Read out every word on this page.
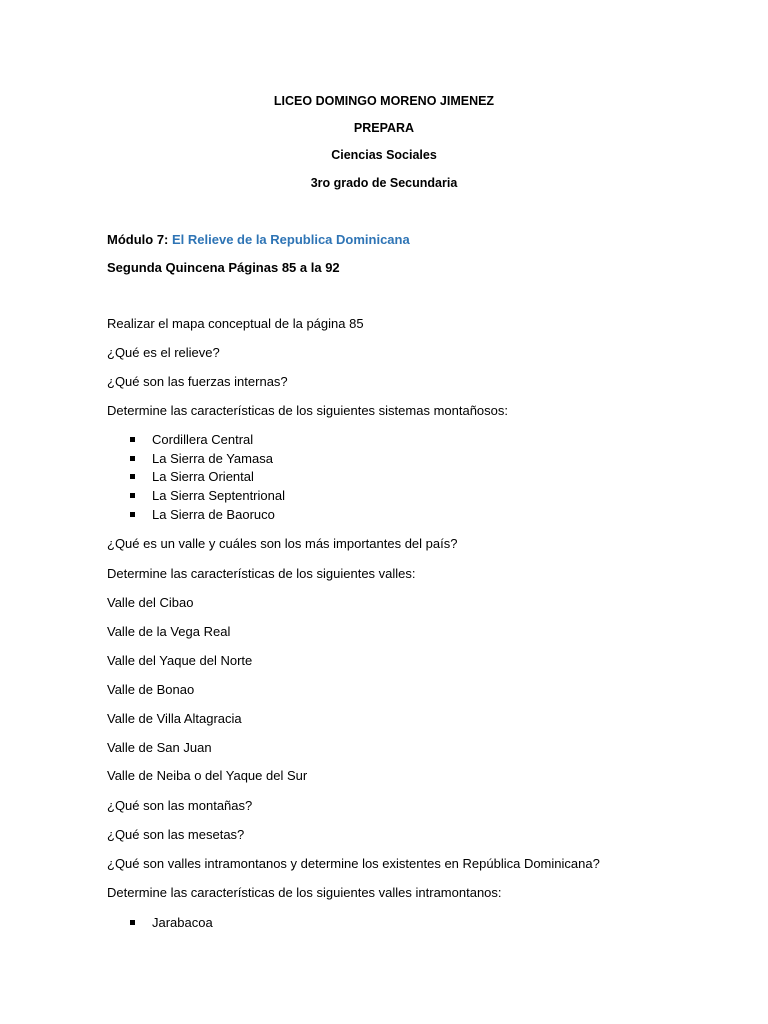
LICEO DOMINGO MORENO JIMENEZ
PREPARA
Ciencias Sociales
3ro grado de Secundaria
Módulo 7: El Relieve de la Republica Dominicana
Segunda Quincena Páginas 85 a la 92
Realizar el mapa conceptual de la página 85
¿Qué es el relieve?
¿Qué son las fuerzas internas?
Determine las características de los siguientes sistemas montañosos:
Cordillera Central
La Sierra de Yamasa
La Sierra Oriental
La Sierra Septentrional
La Sierra de Baoruco
¿Qué es un valle y cuáles son los más importantes del país?
Determine las características de los siguientes valles:
Valle del Cibao
Valle de la Vega Real
Valle del Yaque del Norte
Valle de Bonao
Valle de Villa Altagracia
Valle de San Juan
Valle de Neiba o del Yaque del Sur
¿Qué son las montañas?
¿Qué son las mesetas?
¿Qué son valles intramontanos y determine los existentes en República Dominicana?
Determine las características de los siguientes valles intramontanos:
Jarabacoa
